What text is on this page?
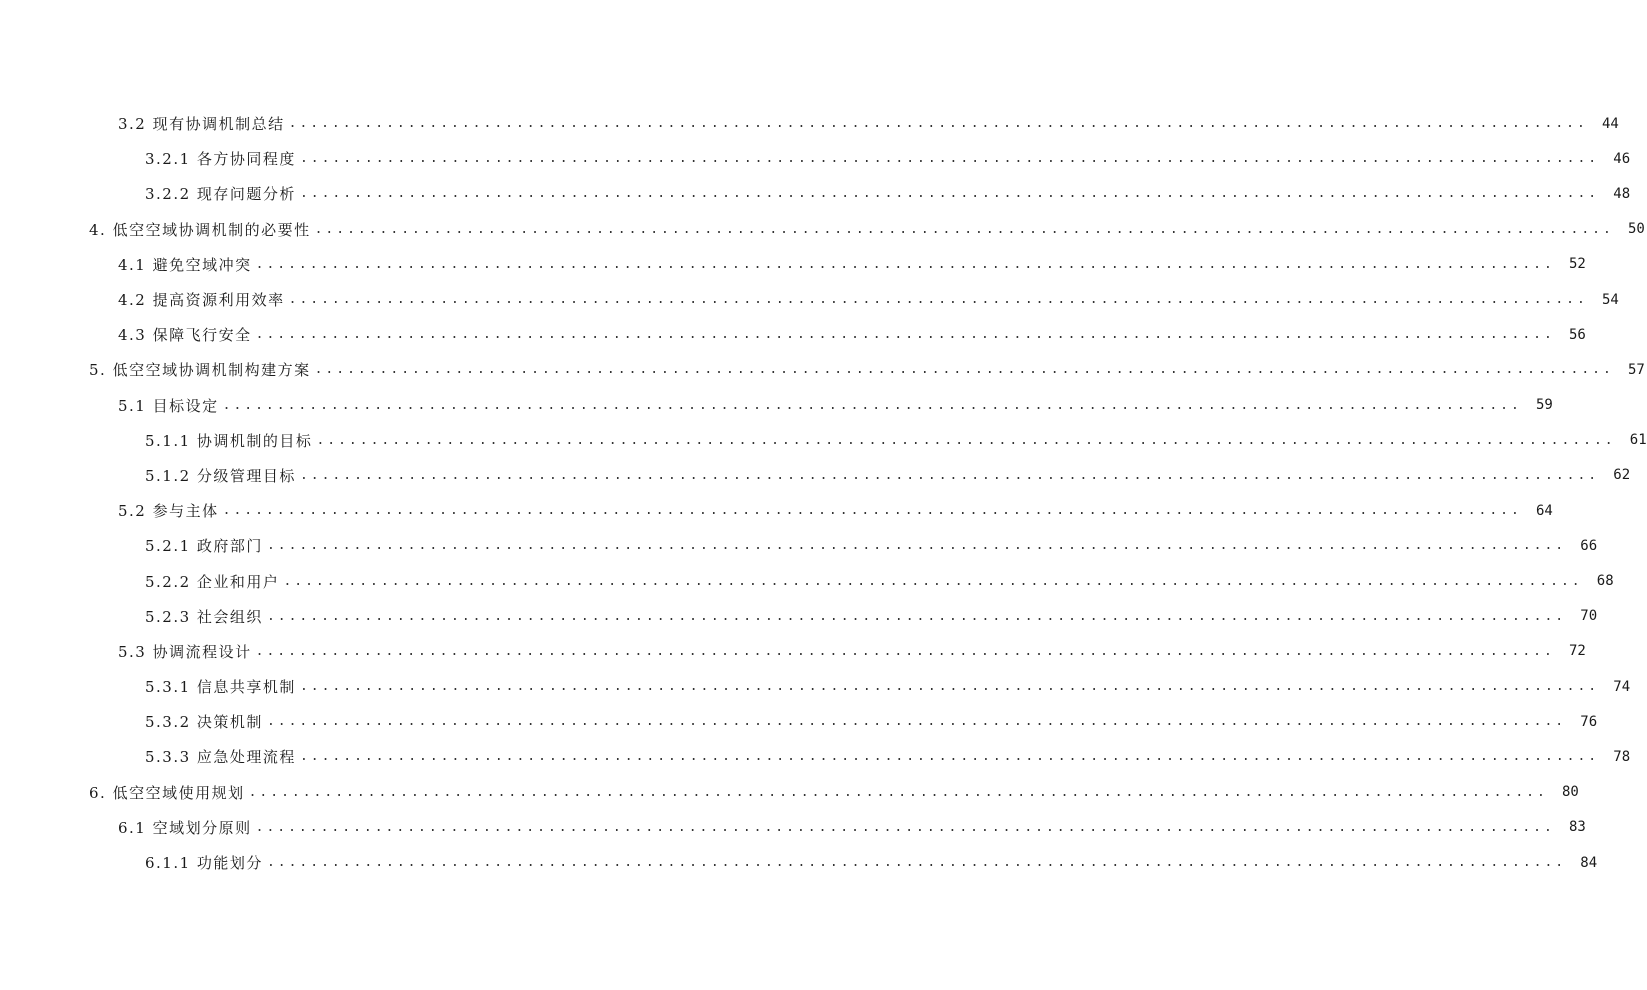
3.2 现有协调机制总结 ........................................................................................................................	44
3.2.1 各方协同程度 ........................................................................................................................	46
3.2.2 现存问题分析 ........................................................................................................................	48
4. 低空空域协调机制的必要性 ........................................................................................................................	50
4.1 避免空域冲突 ........................................................................................................................	52
4.2 提高资源利用效率 ........................................................................................................................	54
4.3 保障飞行安全 ........................................................................................................................	56
5. 低空空域协调机制构建方案 ........................................................................................................................	57
5.1 目标设定 ........................................................................................................................	59
5.1.1 协调机制的目标 ........................................................................................................................	61
5.1.2 分级管理目标 ........................................................................................................................	62
5.2 参与主体 ........................................................................................................................	64
5.2.1 政府部门 ........................................................................................................................	66
5.2.2 企业和用户 ........................................................................................................................	68
5.2.3 社会组织 ........................................................................................................................	70
5.3 协调流程设计 ........................................................................................................................	72
5.3.1 信息共享机制 ........................................................................................................................	74
5.3.2 决策机制 ........................................................................................................................	76
5.3.3 应急处理流程 ........................................................................................................................	78
6. 低空空域使用规划 ........................................................................................................................	80
6.1 空域划分原则 ........................................................................................................................	83
6.1.1 功能划分 ........................................................................................................................	84
